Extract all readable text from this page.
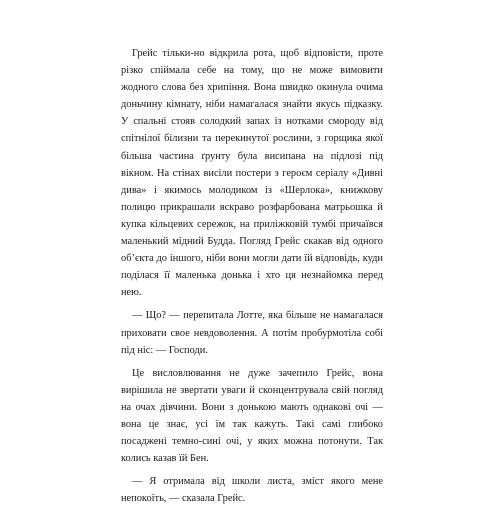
Грейс тільки-но відкрила рота, щоб відповісти, проте різко спіймала себе на тому, що не може вимовити жодного слова без хрипіння. Вона швидко окинула очима доньчину кімнату, ніби намагалася знайти якусь підказку. У спальні стояв солодкий запах із нотками смороду від спітнілої білизни та перекинутої рослини, з горщика якої більша частина ґрунту була висипана на підлозі під вікном. На стінах висіли постери з героєм серіалу «Дивні дива» і якимось молодиком із «Шерлока», книжкову полицю прикрашали яскраво розфарбована матрьошка й купка кільцевих сережок, на приліжковій тумбі причаївся маленький мідний Будда. Погляд Грейс скакав від одного об’єкта до іншого, ніби вони могли дати їй відповідь, куди поділася її маленька донька і хто ця незнайомка перед нею.

— Що? — перепитала Лотте, яка більше не намагалася приховати свое невдоволення. А потім пробурмотіла собі під ніс: — Господи.

Це висловлювання не дуже зачепило Грейс, вона вирішила не звертати уваги й сконцентрувала свій погляд на очах дівчини. Вони з донькою мають однакові очі — вона це знає, усі їм так кажуть. Такі самі глибоко посаджені темно-сині очі, у яких можна потонути. Так колись казав їй Бен.

— Я отримала від школи листа, зміст якого мене непокоїть, — сказала Грейс.
